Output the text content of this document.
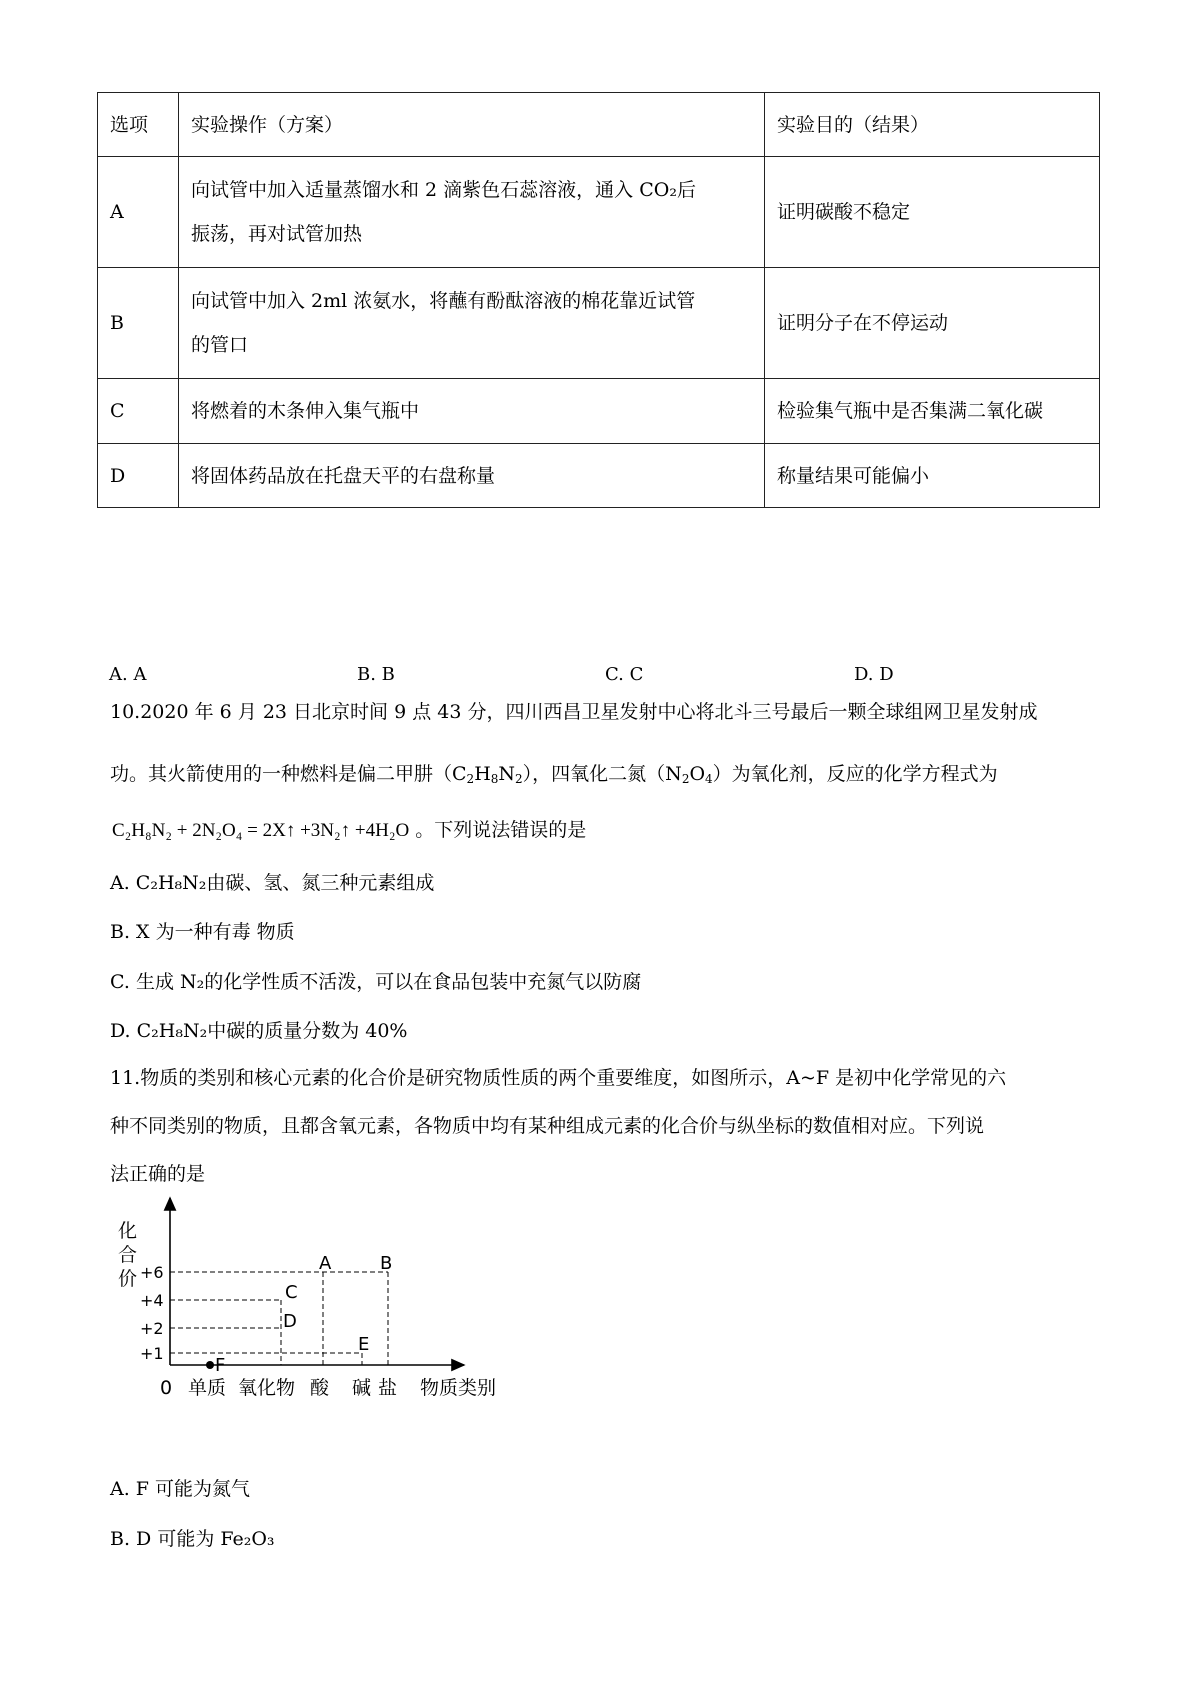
选项	实验操作（方案）	实验目的（结果）
A	向试管中加入适量蒸馏水和 2 滴紫色石蕊溶液，通入 CO₂后
振荡，再对试管加热	证明碳酸不稳定
B	向试管中加入 2ml 浓氨水，将蘸有酚酞溶液的棉花靠近试管
的管口	证明分子在不停运动
C	将燃着的木条伸入集气瓶中	检验集气瓶中是否集满二氧化碳
D	将固体药品放在托盘天平的右盘称量	称量结果可能偏小
A. A	B. B	C. C	D. D
10.2020 年 6 月 23 日北京时间 9 点 43 分，四川西昌卫星发射中心将北斗三号最后一颗全球组网卫星发射成
功。其火箭使用的一种燃料是偏二甲肼$(C_2H_8N_2)$，四氧化二氮$(N_2O_4)$为氧化剂，反应的化学方程式为
C₂H₈N₂ + 2N₂O₄ = 2X↑ +3N₂↑ +4H₂O 。下列说法错误的是
A. C₂H₈N₂由碳、氢、氮三种元素组成
B. X 为一种有毒 物质
C. 生成 N₂的化学性质不活泼，可以在食品包装中充氮气以防腐
D. C₂H₈N₂中碳的质量分数为 40%
11.物质的类别和核心元素的化合价是研究物质性质的两个重要维度，如图所示，A~F 是初中化学常见的六
种不同类别的物质，且都含氧元素，各物质中均有某种组成元素的化合价与纵坐标的数值相对应。下列说
法正确的是
化 合 价 +6
+4
+2
+1
0 单质 氧化物 酸 碱 盐 物质类别
A	B
C
D
E
F
A. F 可能为氮气
B. D 可能为 Fe₂O₃
